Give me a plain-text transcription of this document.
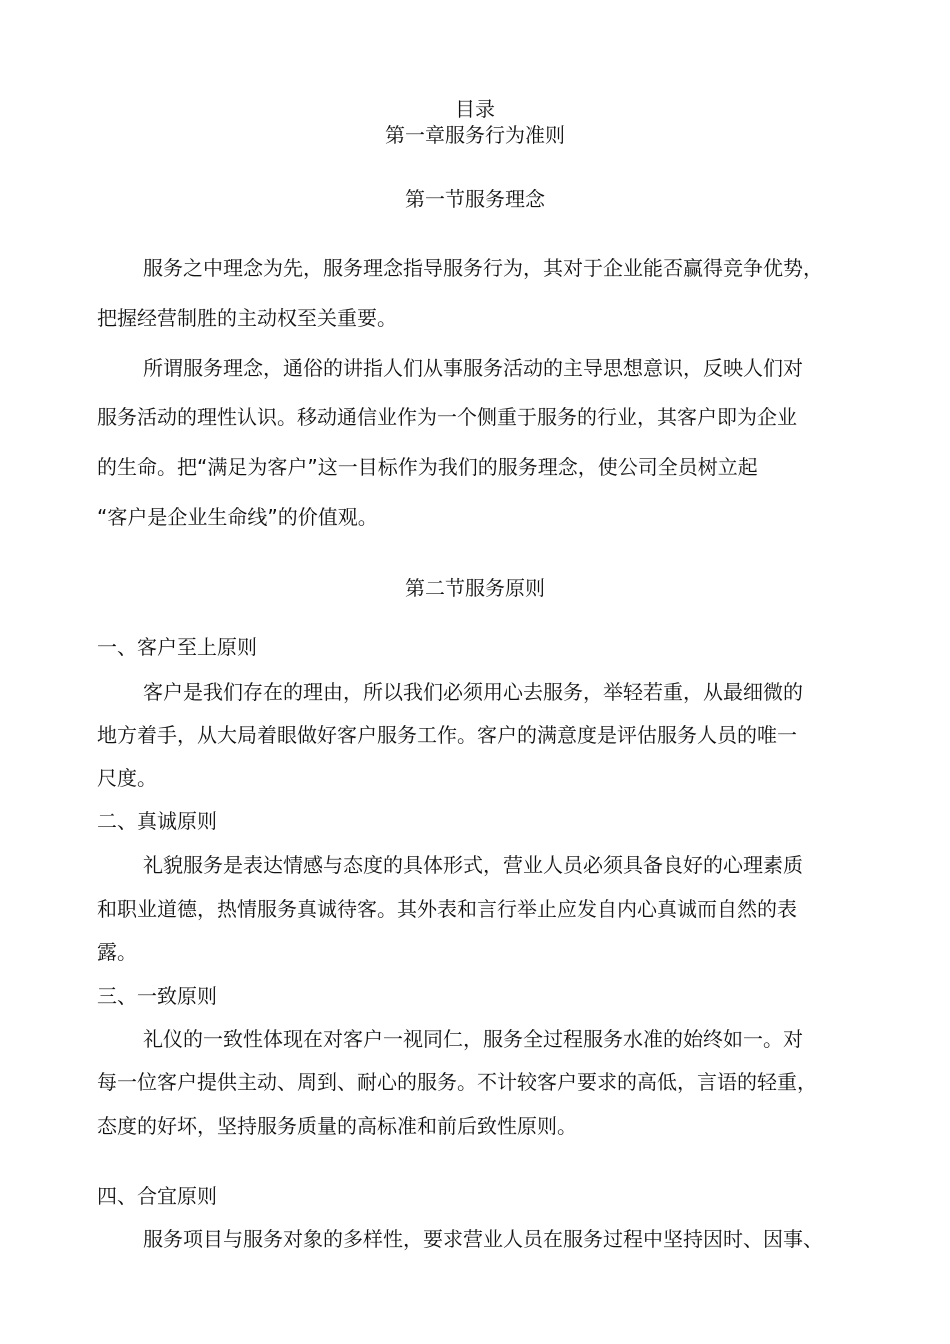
目录
第一章服务行为准则
第一节服务理念
服务之中理念为先，服务理念指导服务行为，其对于企业能否赢得竞争优势，
把握经营制胜的主动权至关重要。
所谓服务理念，通俗的讲指人们从事服务活动的主导思想意识，反映人们对
服务活动的理性认识。移动通信业作为一个侧重于服务的行业，其客户即为企业
的生命。把“满足为客户”这一目标作为我们的服务理念，使公司全员树立起
“客户是企业生命线”的价值观。
第二节服务原则
一、客户至上原则
客户是我们存在的理由，所以我们必须用心去服务，举轻若重，从最细微的
地方着手，从大局着眼做好客户服务工作。客户的满意度是评估服务人员的唯一
尺度。
二、真诚原则
礼貌服务是表达情感与态度的具体形式，营业人员必须具备良好的心理素质
和职业道德，热情服务真诚待客。其外表和言行举止应发自内心真诚而自然的表
露。
三、一致原则
礼仪的一致性体现在对客户一视同仁，服务全过程服务水准的始终如一。对
每一位客户提供主动、周到、耐心的服务。不计较客户要求的高低，言语的轻重，
态度的好坏，坚持服务质量的高标准和前后致性原则。
四、合宜原则
服务项目与服务对象的多样性，要求营业人员在服务过程中坚持因时、因事、
